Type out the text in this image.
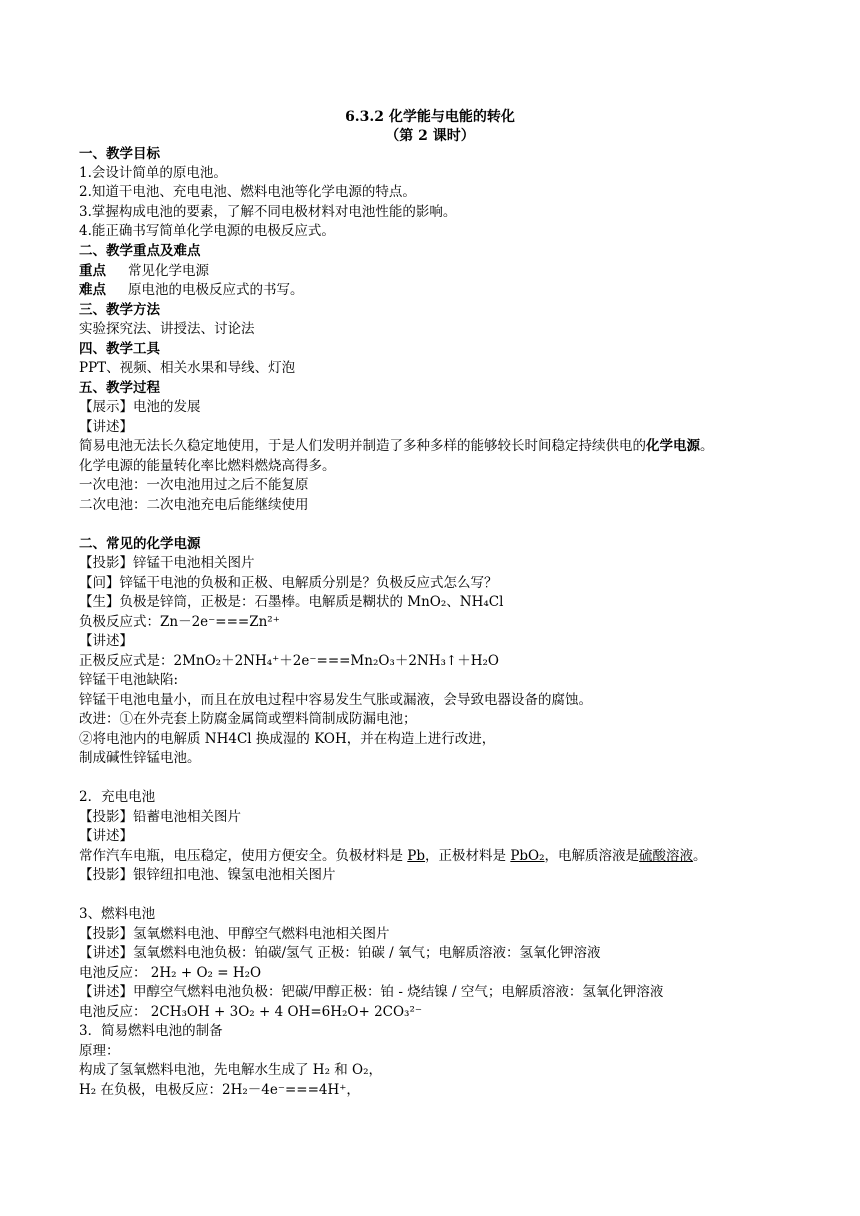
6.3.2 化学能与电能的转化
（第 2 课时）
一、教学目标
1.会设计简单的原电池。
2.知道干电池、充电电池、燃料电池等化学电源的特点。
3.掌握构成电池的要素，了解不同电极材料对电池性能的影响。
4.能正确书写简单化学电源的电极反应式。
二、教学重点及难点
重点 常见化学电源
难点 原电池的电极反应式的书写。
三、教学方法
实验探究法、讲授法、讨论法
四、教学工具
PPT、视频、相关水果和导线、灯泡
五、教学过程
【展示】电池的发展
【讲述】
简易电池无法长久稳定地使用，于是人们发明并制造了多种多样的能够较长时间稳定持续供电的化学电源。
化学电源的能量转化率比燃料燃烧高得多。
一次电池：一次电池用过之后不能复原
二次电池：二次电池充电后能继续使用
二、常见的化学电源
【投影】锌锰干电池相关图片
【问】锌锰干电池的负极和正极、电解质分别是？负极反应式怎么写？
【生】负极是锌筒，正极是：石墨棒。电解质是糊状的 MnO₂、NH₄Cl
负极反应式：Zn－2e⁻===Zn²⁺
【讲述】
正极反应式是：2MnO₂＋2NH₄⁺＋2e⁻===Mn₂O₃＋2NH₃↑＋H₂O
锌锰干电池缺陷:
锌锰干电池电量小，而且在放电过程中容易发生气胀或漏液，会导致电器设备的腐蚀。
改进：①在外壳套上防腐金属筒或塑料筒制成防漏电池；
②将电池内的电解质 NH4Cl 换成湿的 KOH，并在构造上进行改进，
制成碱性锌锰电池。
2．充电电池
【投影】铅蓄电池相关图片
【讲述】
常作汽车电瓶，电压稳定，使用方便安全。负极材料是 Pb，正极材料是 PbO₂，电解质溶液是硫酸溶液。
【投影】银锌纽扣电池、镍氢电池相关图片
3、燃料电池
【投影】氢氧燃料电池、甲醇空气燃料电池相关图片
【讲述】氢氧燃料电池负极：铂碳/氢气 正极：铂碳 / 氧气；电解质溶液：氢氧化钾溶液
电池反应： 2H₂ + O₂ = H₂O
【讲述】甲醇空气燃料电池负极：钯碳/甲醇正极：铂 - 烧结镍 / 空气；电解质溶液：氢氧化钾溶液
电池反应： 2CH₃OH + 3O₂ + 4 OH=6H₂O+ 2CO₃²⁻
3．简易燃料电池的制备
原理：
构成了氢氧燃料电池，先电解水生成了 H₂ 和 O₂，
H₂ 在负极，电极反应：2H₂－4e⁻===4H⁺，
